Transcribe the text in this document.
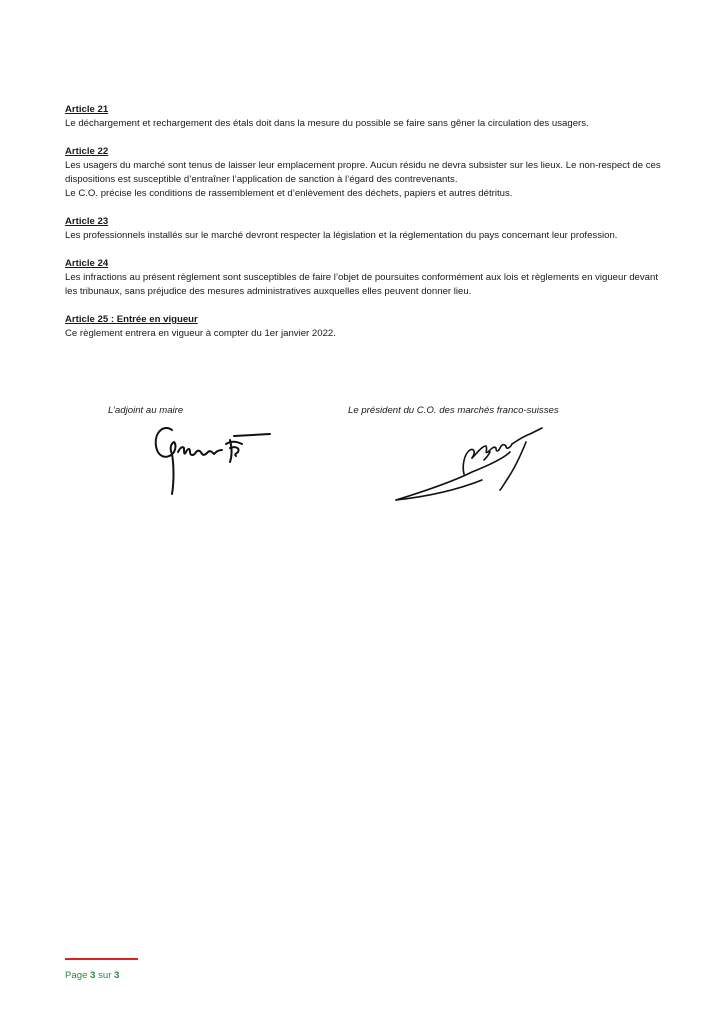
Article 21

Le déchargement et rechargement des étals doit dans la mesure du possible se faire sans gêner la circulation des usagers.

Article 22

Les usagers du marché sont tenus de laisser leur emplacement propre. Aucun résidu ne devra subsister sur les lieux. Le non-respect de ces dispositions est susceptible d’entraîner l’application de sanction à l’égard des contrevenants.

Le C.O. précise les conditions de rassemblement et d’enlèvement des déchets, papiers et autres détritus.

Article 23

Les professionnels installés sur le marché devront respecter la législation et la réglementation du pays concernant leur profession.

Article 24

Les infractions au présent règlement sont susceptibles de faire l’objet de poursuites conformément aux lois et règlements en vigueur devant les tribunaux, sans préjudice des mesures administratives auxquelles elles peuvent donner lieu.

Article 25 : Entrée en vigueur

Ce règlement entrera en vigueur à compter du 1er janvier 2022.

L’adjoint au maire	Le président du C.O. des marchés franco-suisses
Page 3 sur 3
